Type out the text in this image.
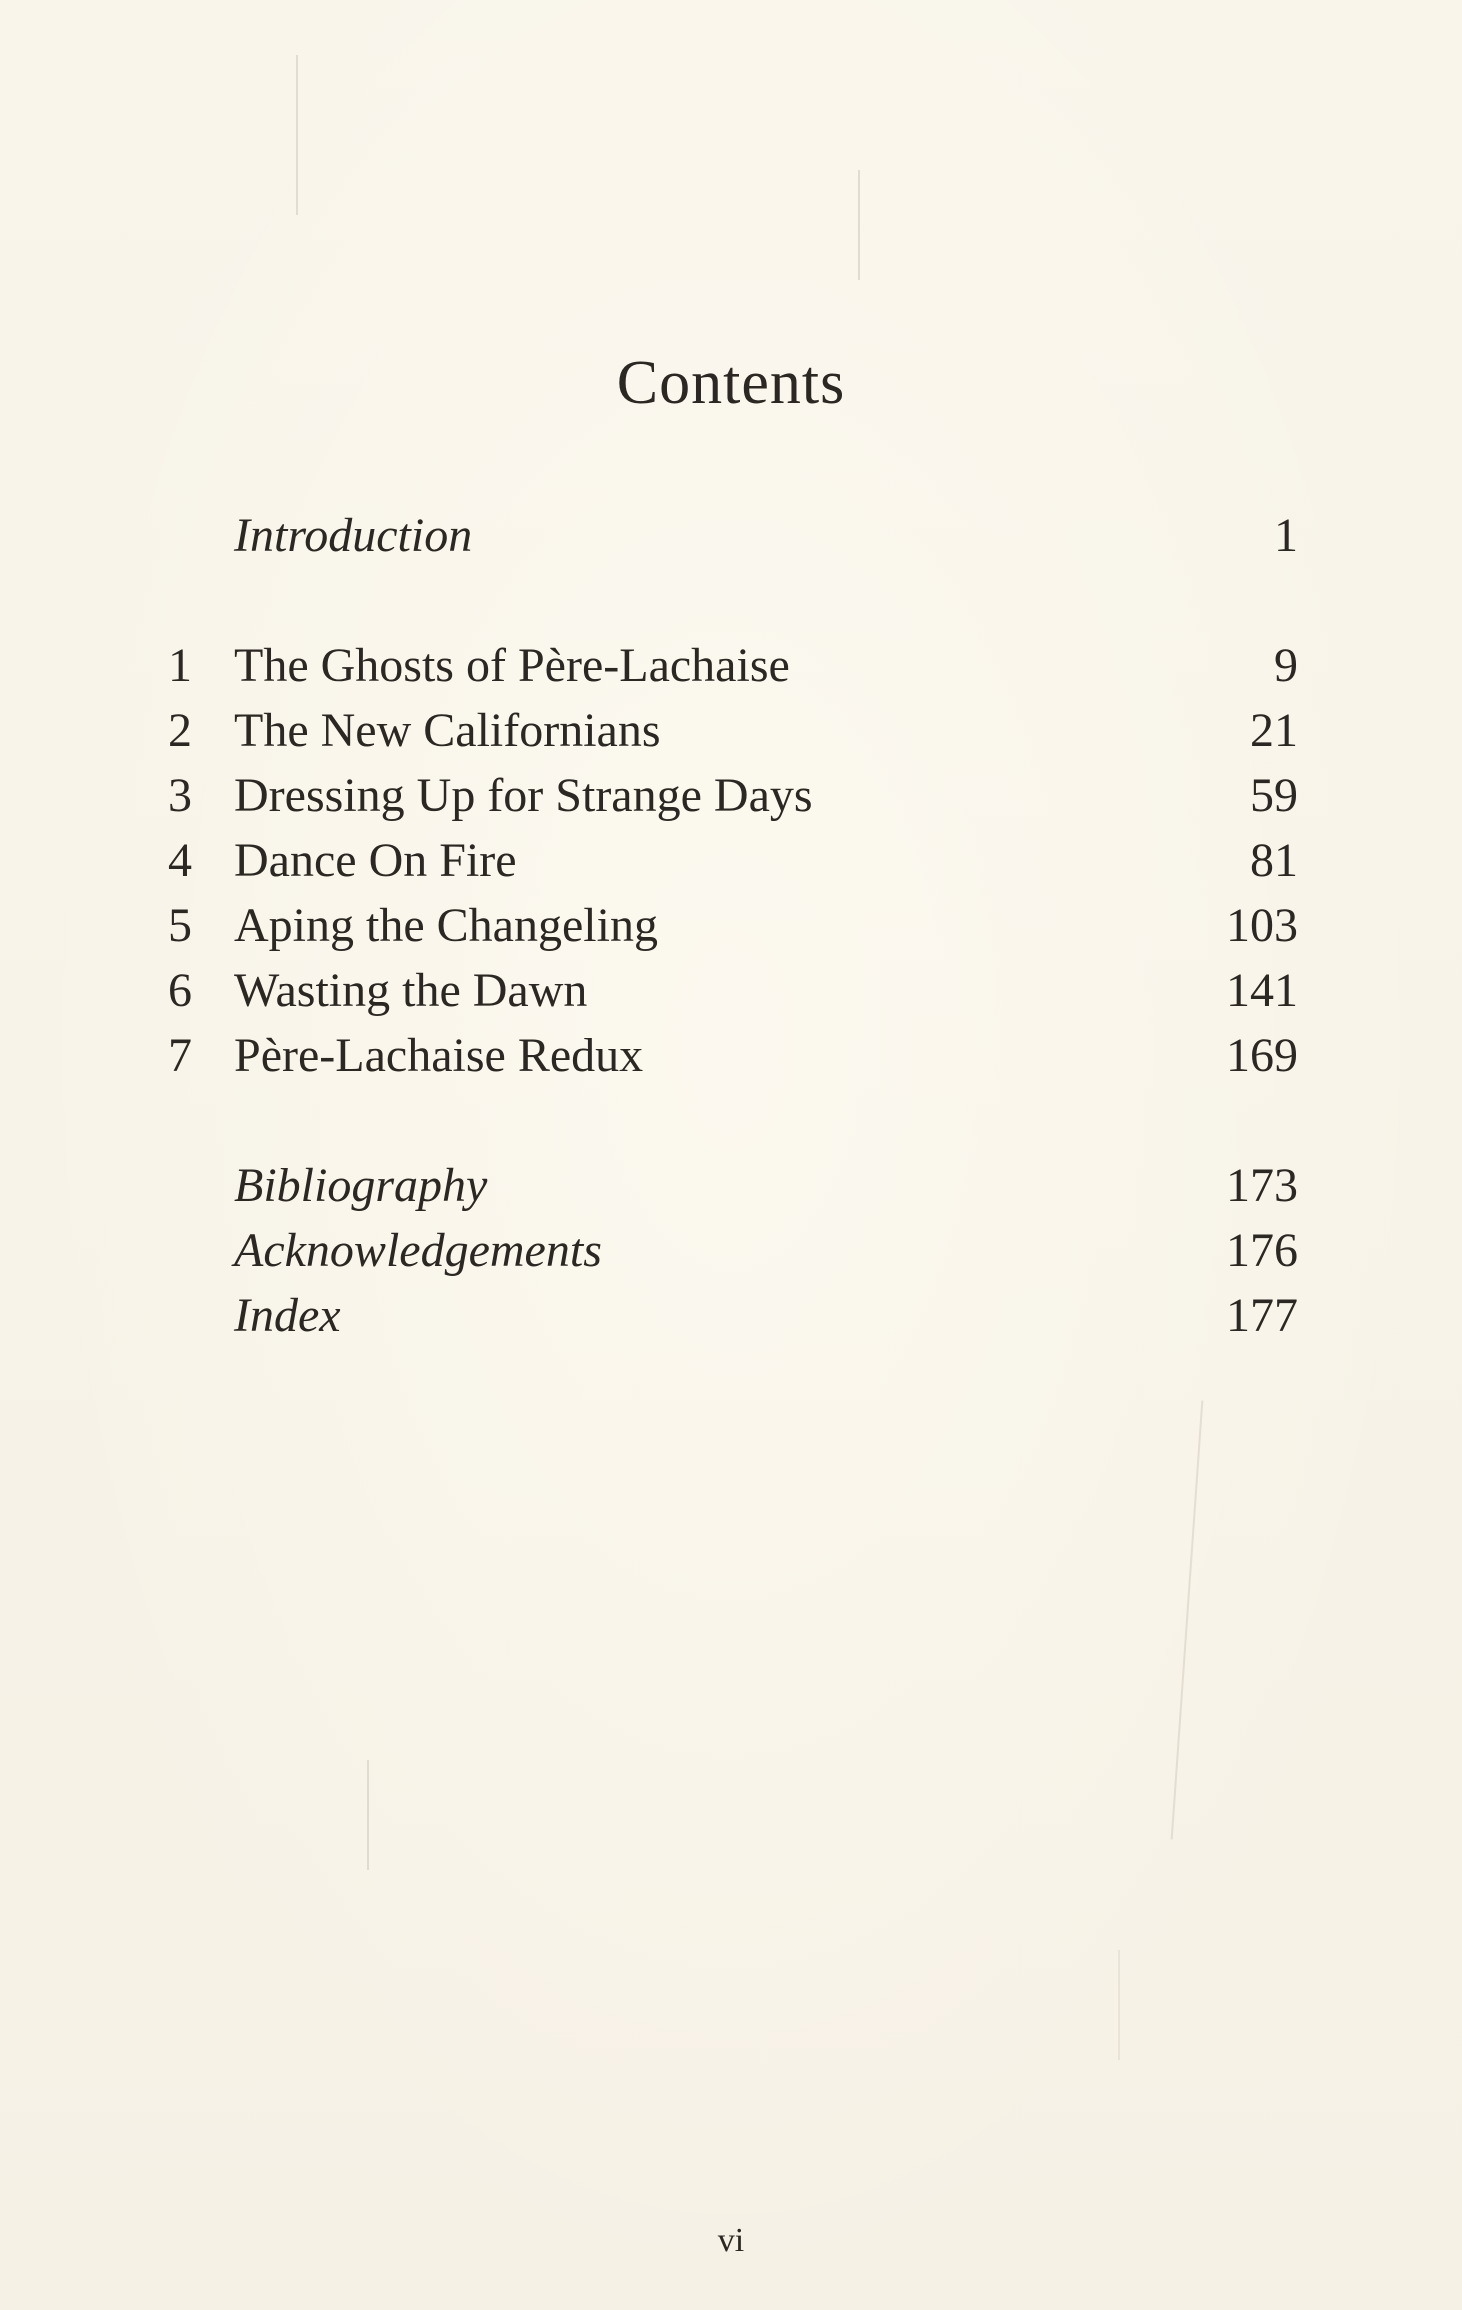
Contents
Introduction	1
1 The Ghosts of Père-Lachaise	9
2 The New Californians	21
3 Dressing Up for Strange Days	59
4 Dance On Fire	81
5 Aping the Changeling	103
6 Wasting the Dawn	141
7 Père-Lachaise Redux	169
Bibliography	173
Acknowledgements	176
Index	177
vi
